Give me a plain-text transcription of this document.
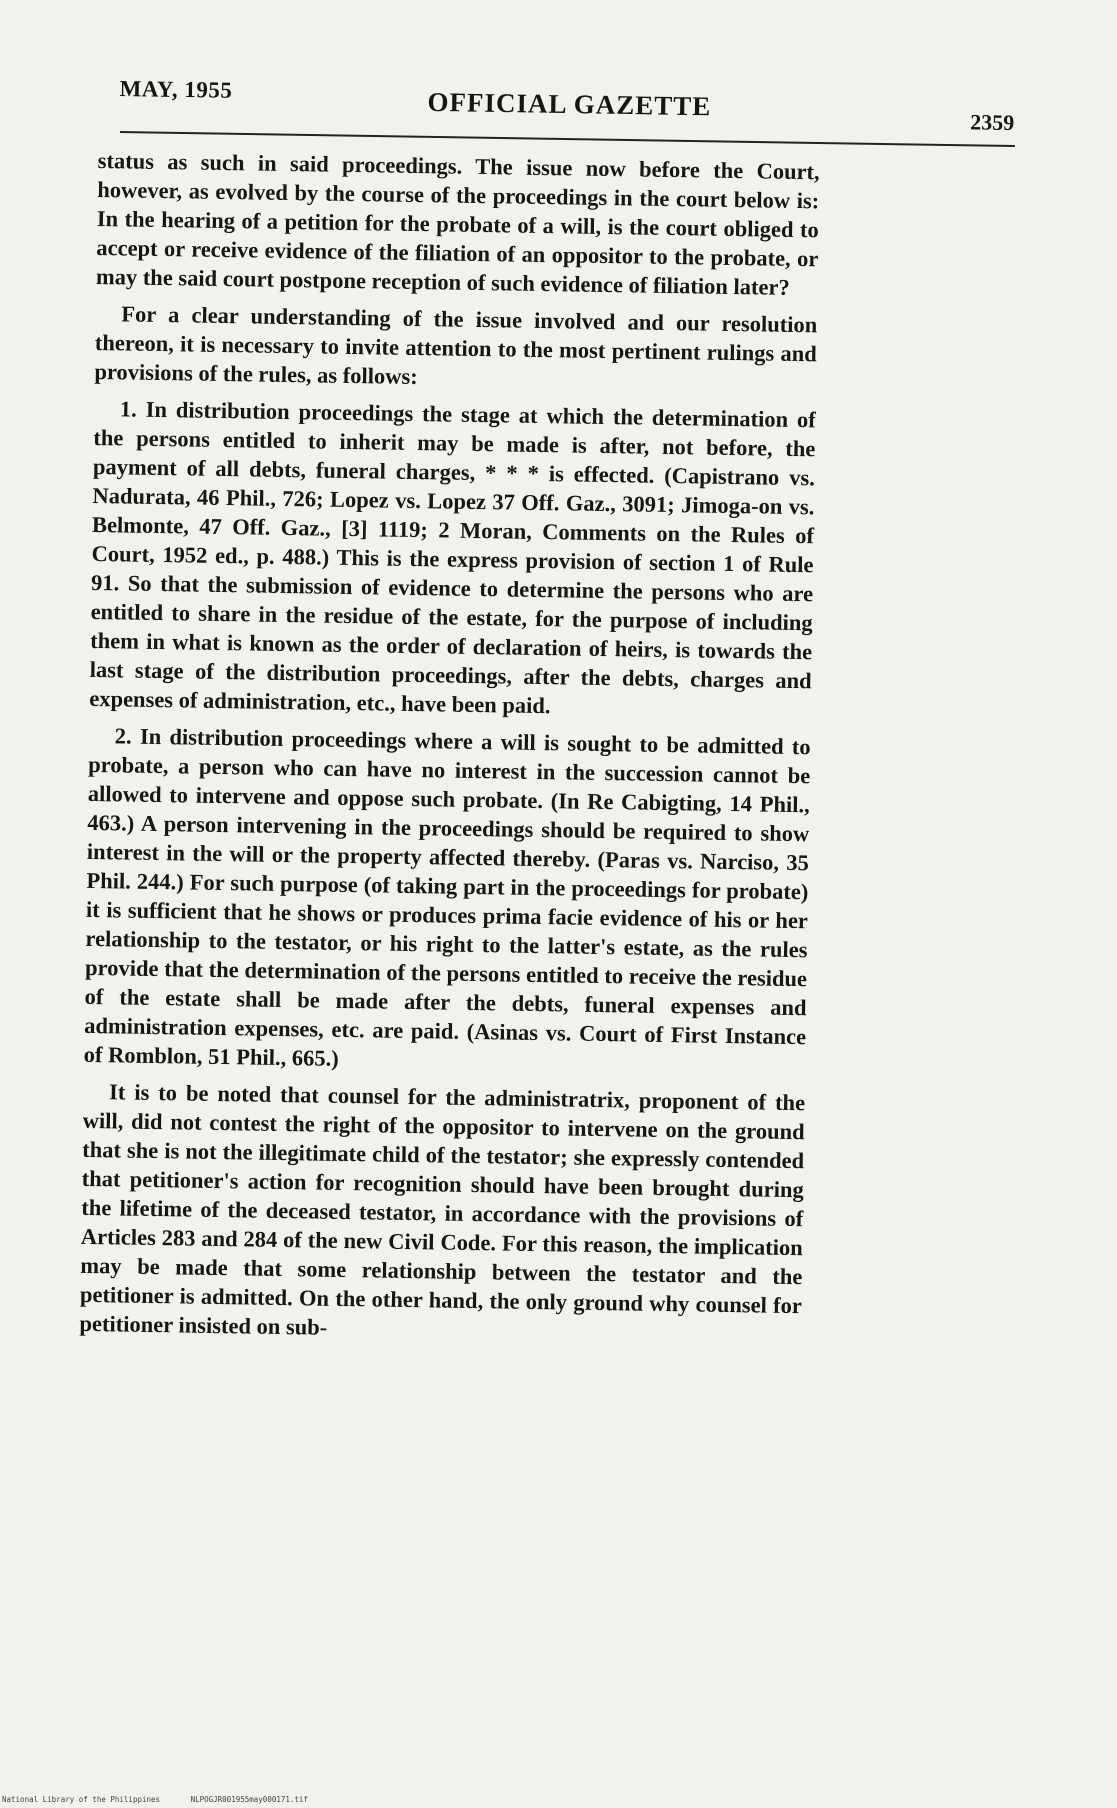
MAY, 1955	OFFICIAL GAZETTE
2359

status as such in said proceedings. The issue now before the Court, however, as evolved by the course of the proceedings in the court below is: In the hearing of a petition for the probate of a will, is the court obliged to accept or receive evidence of the filiation of an oppositor to the probate, or may the said court postpone reception of such evidence of filiation later?

For a clear understanding of the issue involved and our resolution thereon, it is necessary to invite attention to the most pertinent rulings and provisions of the rules, as follows:

1. In distribution proceedings the stage at which the determination of the persons entitled to inherit may be made is after, not before, the payment of all debts, funeral charges, * * * is effected. (Capistrano vs. Nadurata, 46 Phil., 726; Lopez vs. Lopez 37 Off. Gaz., 3091; Jimoga-on vs. Belmonte, 47 Off. Gaz., [3] 1119; 2 Moran, Comments on the Rules of Court, 1952 ed., p. 488.) This is the express provision of section 1 of Rule 91. So that the submission of evidence to determine the persons who are entitled to share in the residue of the estate, for the purpose of including them in what is known as the order of declaration of heirs, is towards the last stage of the distribution proceedings, after the debts, charges and expenses of administration, etc., have been paid.

2. In distribution proceedings where a will is sought to be admitted to probate, a person who can have no interest in the succession cannot be allowed to intervene and oppose such probate. (In Re Cabigting, 14 Phil., 463.) A person intervening in the proceedings should be required to show interest in the will or the property affected thereby. (Paras vs. Narciso, 35 Phil. 244.) For such purpose (of taking part in the proceedings for probate) it is sufficient that he shows or produces prima facie evidence of his or her relationship to the testator, or his right to the latter's estate, as the rules provide that the determination of the persons entitled to receive the residue of the estate shall be made after the debts, funeral expenses and administration expenses, etc. are paid. (Asinas vs. Court of First Instance of Romblon, 51 Phil., 665.)

It is to be noted that counsel for the administratrix, proponent of the will, did not contest the right of the oppositor to intervene on the ground that she is not the illegitimate child of the testator; she expressly contended that petitioner's action for recognition should have been brought during the lifetime of the deceased testator, in accordance with the provisions of Articles 283 and 284 of the new Civil Code. For this reason, the implication may be made that some relationship between the testator and the petitioner is admitted. On the other hand, the only ground why counsel for petitioner insisted on sub-

National Library of the Philippines	NLPOGJR001955may000171.tif
